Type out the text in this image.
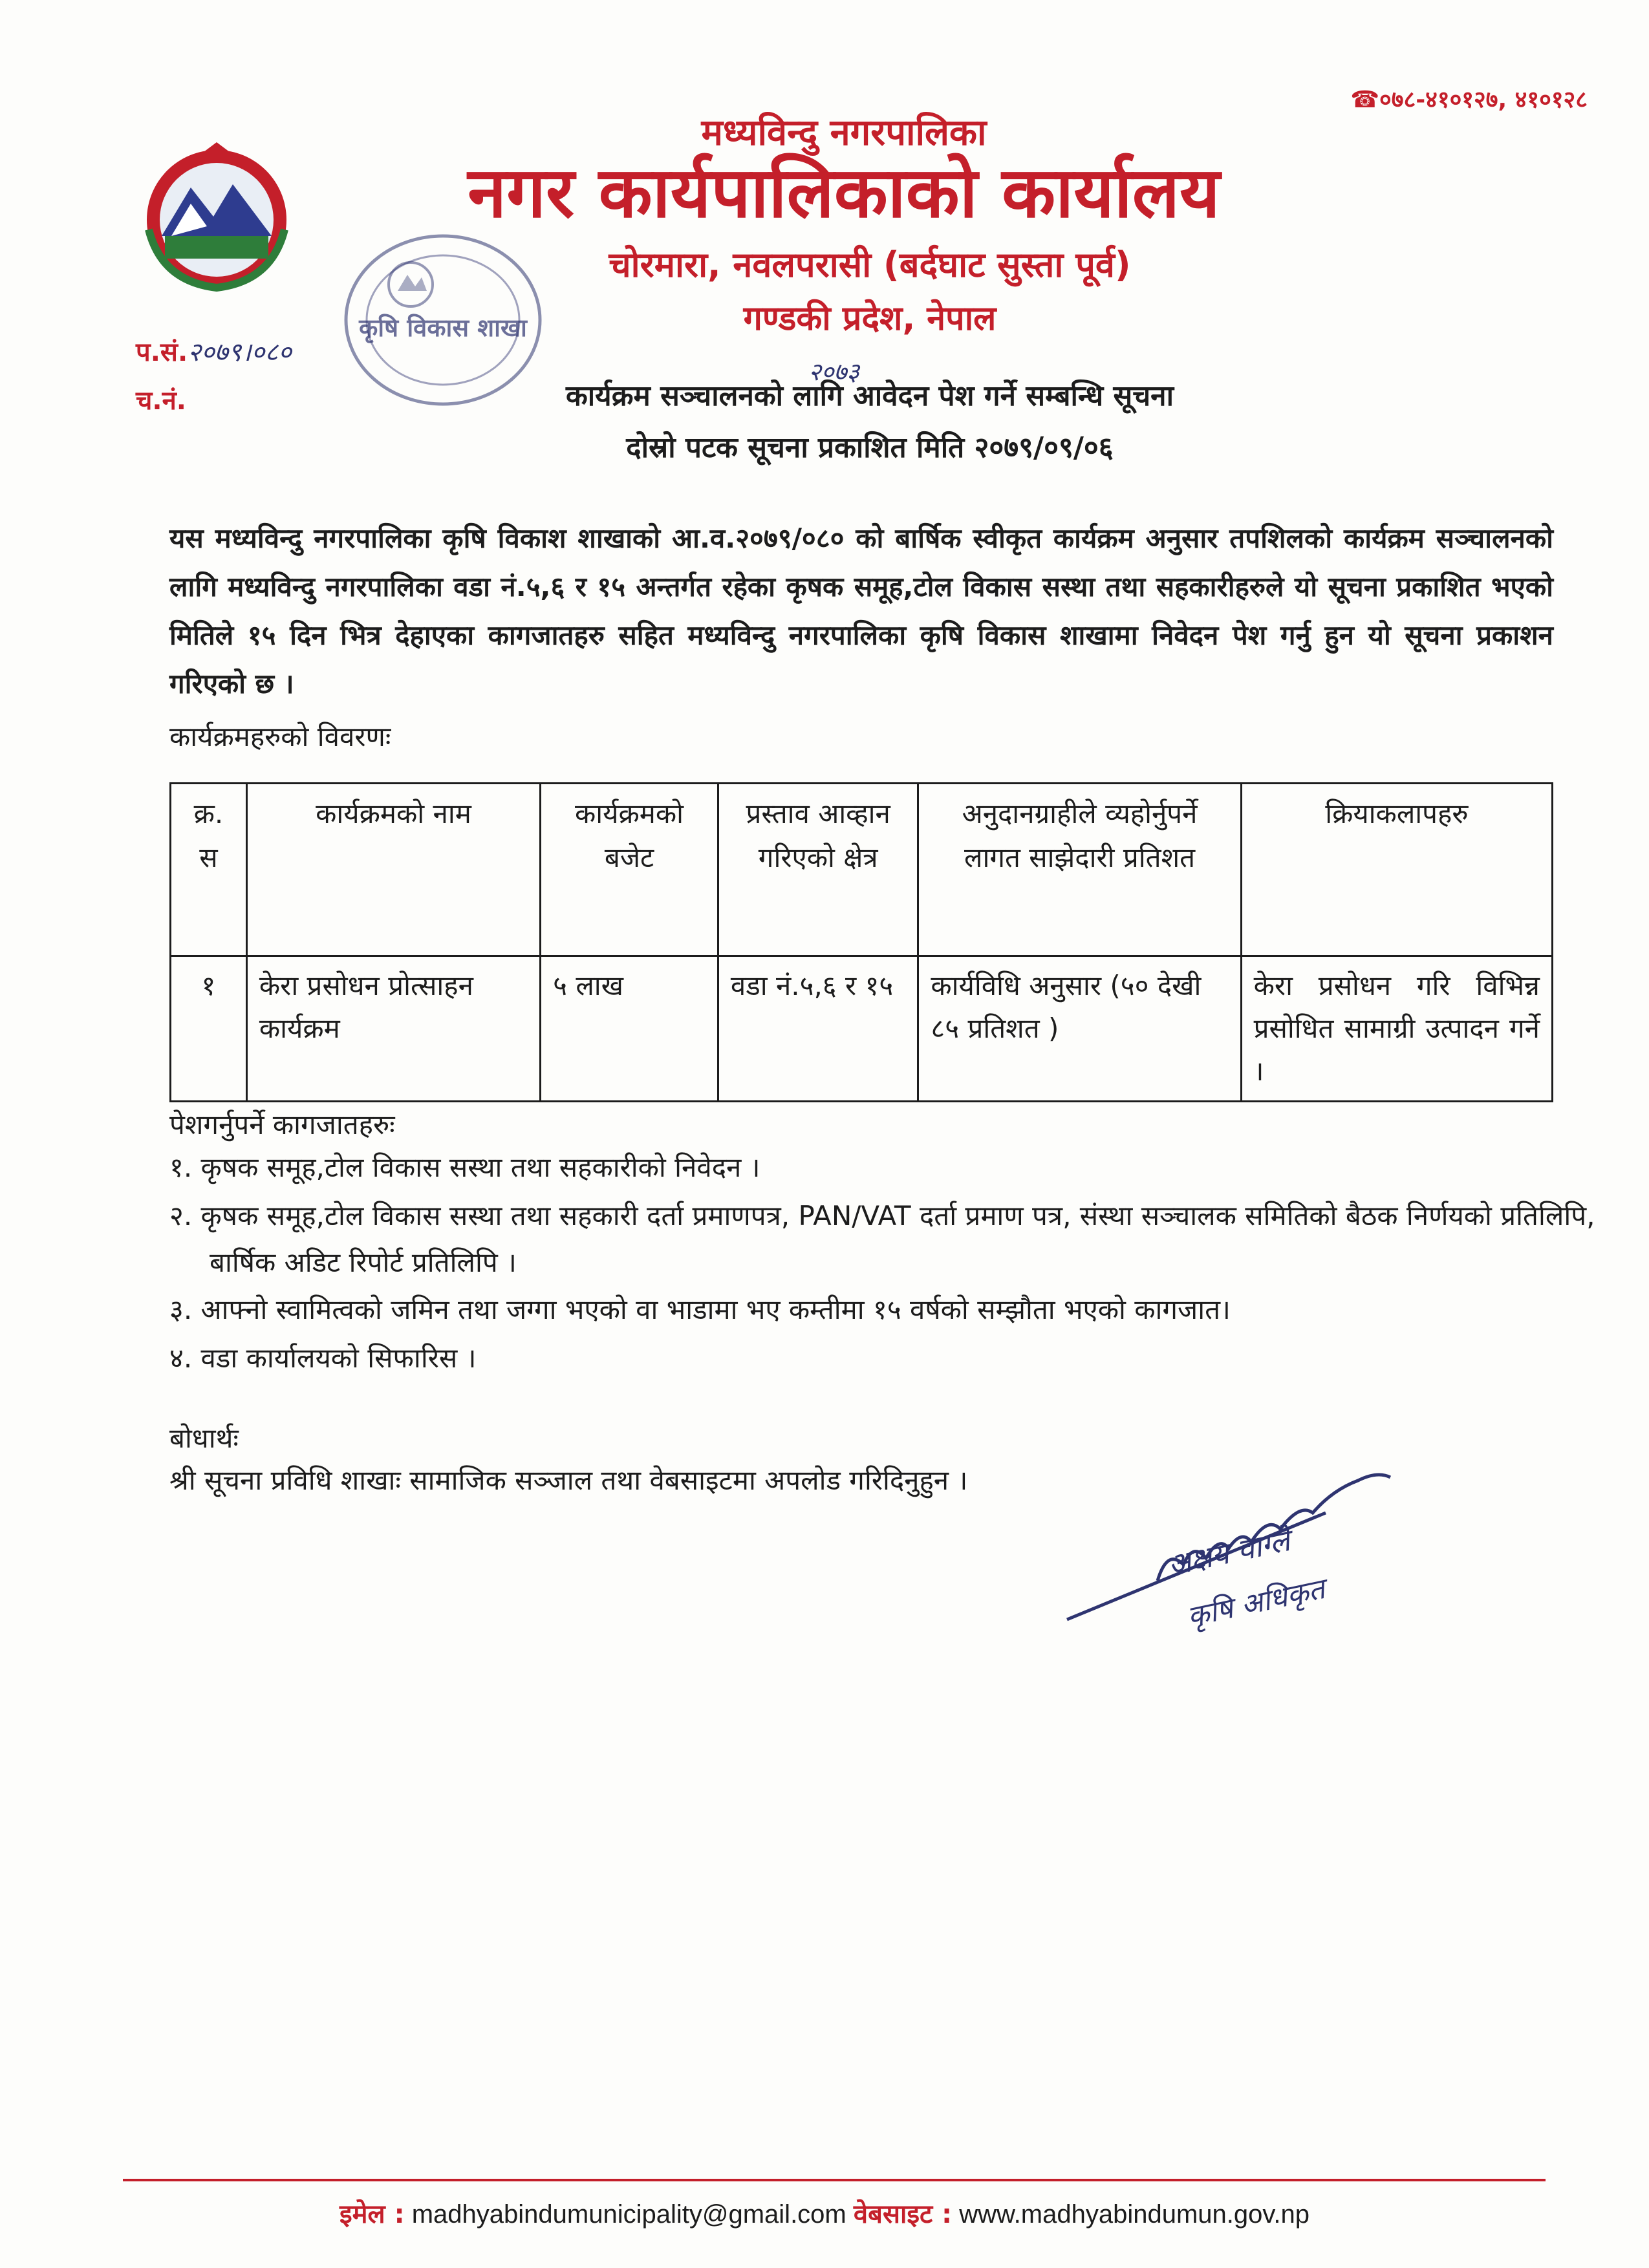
☎०७८-४१०१२७, ४१०१२८
मध्यविन्दु नगरपालिका
नगर कार्यपालिकाको कार्यालय
चोरमारा, नवलपरासी (बर्दघाट सुस्ता पूर्व)
गण्डकी प्रदेश, नेपाल
प.सं.२०७९।०८०
च.नं.
कृषि विकास शाखा
२०७३
कार्यक्रम सञ्चालनको लागि आवेदन पेश गर्ने सम्बन्धि सूचना
दोस्रो पटक सूचना प्रकाशित मिति २०७९/०९/०६
यस मध्यविन्दु नगरपालिका कृषि विकाश शाखाको आ.व.२०७९/०८० को बार्षिक स्वीकृत कार्यक्रम अनुसार तपशिलको कार्यक्रम सञ्चालनको लागि मध्यविन्दु नगरपालिका वडा नं.५,६ र १५ अन्तर्गत रहेका कृषक समूह,टोल विकास सस्था तथा सहकारीहरुले यो सूचना प्रकाशित भएको मितिले १५ दिन भित्र देहाएका कागजातहरु सहित मध्यविन्दु नगरपालिका कृषि विकास शाखामा निवेदन पेश गर्नु हुन यो सूचना प्रकाशन गरिएको छ ।
कार्यक्रमहरुको विवरणः
क्र. स	कार्यक्रमको नाम	कार्यक्रमको बजेट	प्रस्ताव आव्हान गरिएको क्षेत्र	अनुदानग्राहीले व्यहोर्नुपर्ने लागत साझेदारी प्रतिशत	क्रियाकलापहरु
१	केरा प्रसोधन प्रोत्साहन कार्यक्रम	५ लाख	वडा नं.५,६ र १५	कार्यविधि अनुसार (५० देखी ८५ प्रतिशत )	केरा प्रसोधन गरि विभिन्न प्रसोधित सामाग्री उत्पादन गर्ने ।
पेशगर्नुपर्ने कागजातहरुः
१. कृषक समूह,टोल विकास सस्था तथा सहकारीको निवेदन ।
२. कृषक समूह,टोल विकास सस्था तथा सहकारी दर्ता प्रमाणपत्र, PAN/VAT दर्ता प्रमाण पत्र, संस्था सञ्चालक समितिको बैठक निर्णयको प्रतिलिपि, बार्षिक अडिट रिपोर्ट प्रतिलिपि ।
३. आफ्नो स्वामित्वको जमिन तथा जग्गा भएको वा भाडामा भए कम्तीमा १५ वर्षको सम्झौता भएको कागजात।
४. वडा कार्यालयको सिफारिस ।
बोधार्थः
श्री सूचना प्रविधि शाखाः सामाजिक सञ्जाल तथा वेबसाइटमा अपलोड गरिदिनुहुन ।
अक्षय वाग्ले
कृषि अधिकृत
इमेल : madhyabindumunicipality@gmail.com वेबसाइट : www.madhyabindumun.gov.np
